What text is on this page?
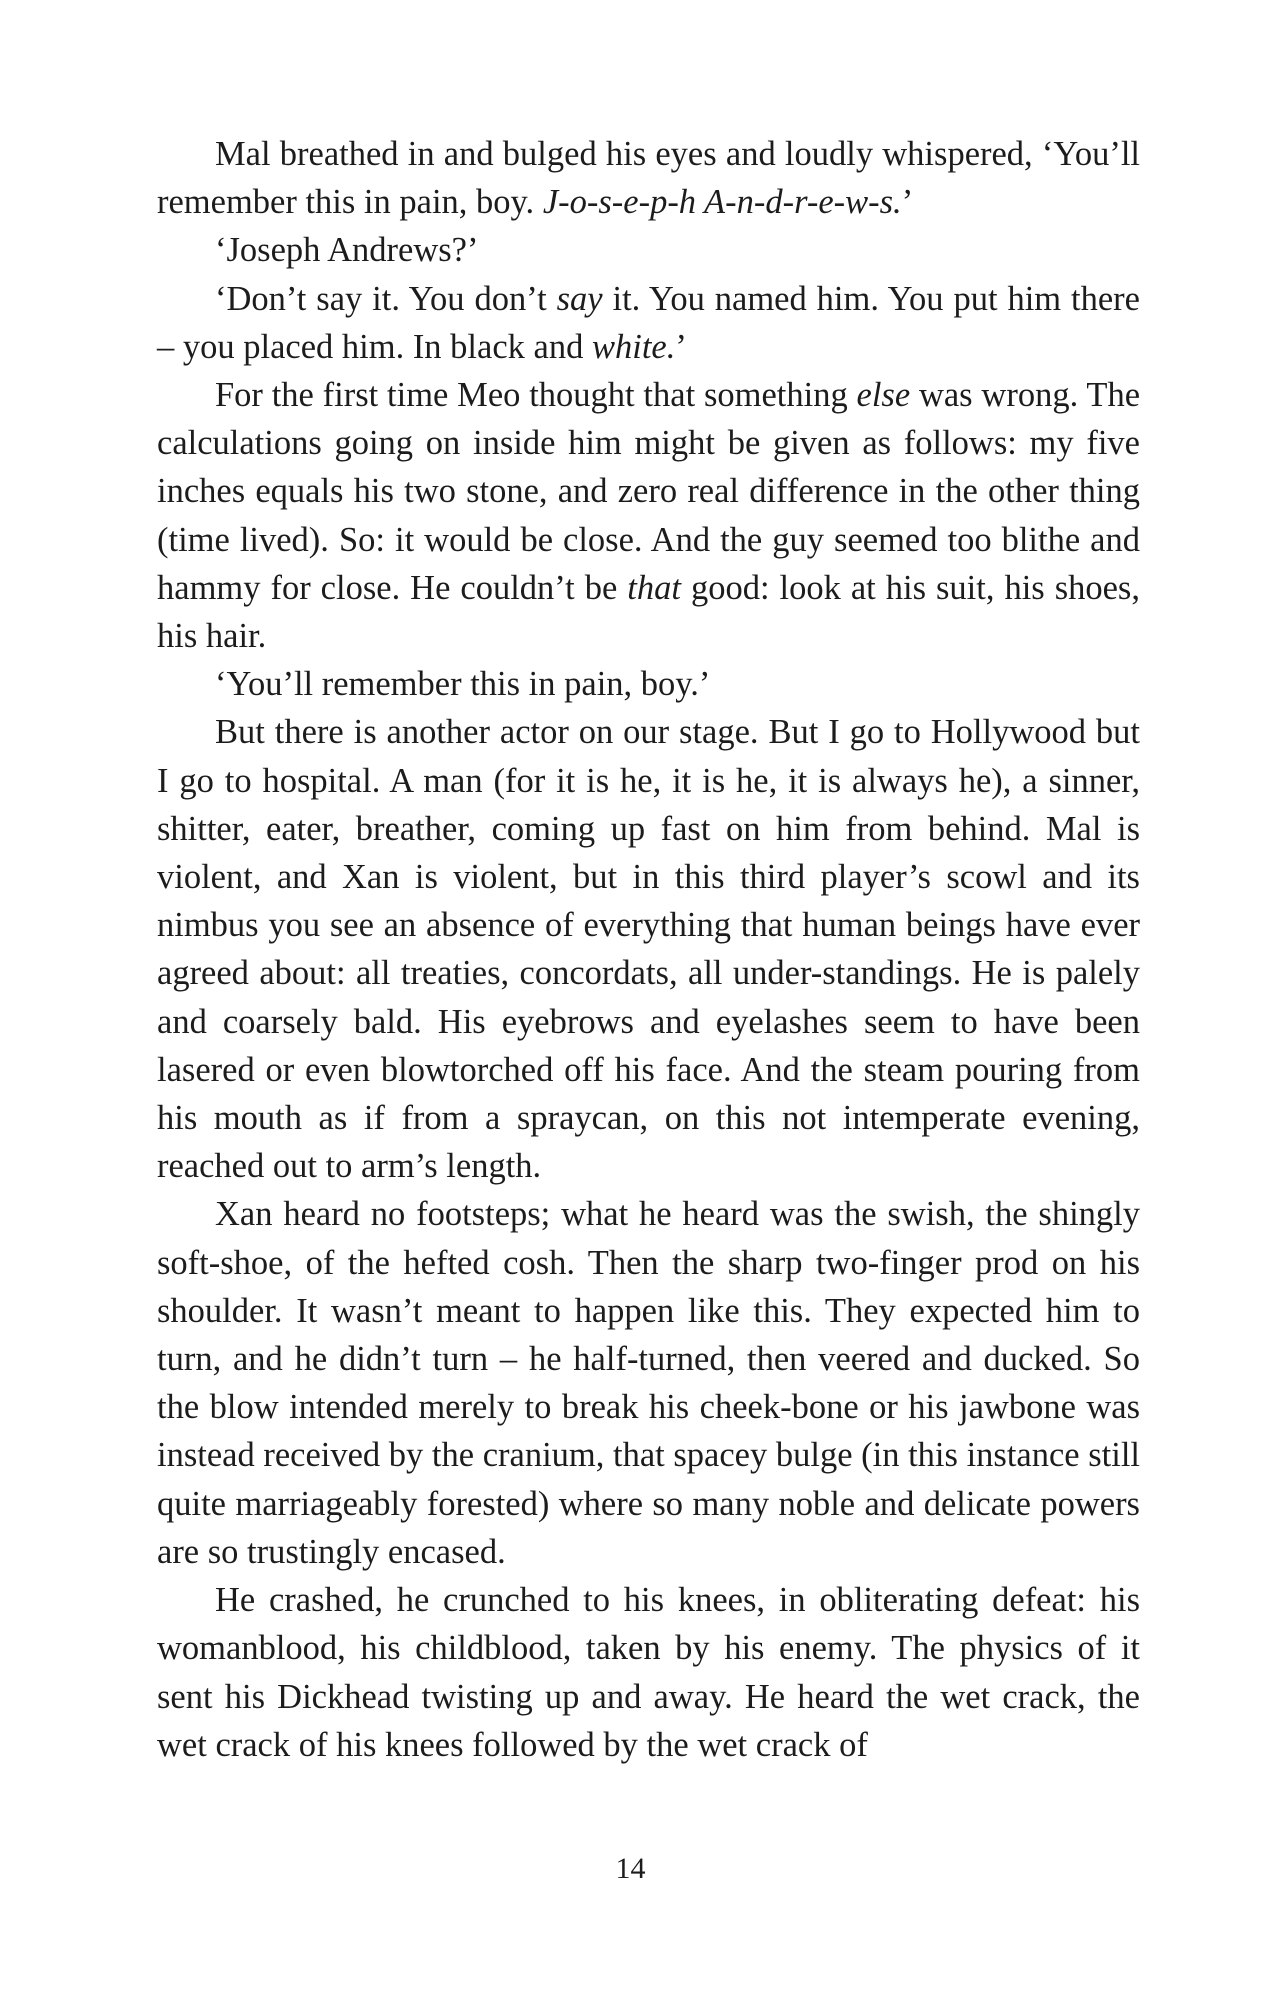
Mal breathed in and bulged his eyes and loudly whispered, ‘You’ll remember this in pain, boy. J-o-s-e-p-h A-n-d-r-e-w-s.’

‘Joseph Andrews?’

‘Don’t say it. You don’t say it. You named him. You put him there – you placed him. In black and white.’

For the first time Meo thought that something else was wrong. The calculations going on inside him might be given as follows: my five inches equals his two stone, and zero real difference in the other thing (time lived). So: it would be close. And the guy seemed too blithe and hammy for close. He couldn’t be that good: look at his suit, his shoes, his hair.

‘You’ll remember this in pain, boy.’

But there is another actor on our stage. But I go to Hollywood but I go to hospital. A man (for it is he, it is he, it is always he), a sinner, shitter, eater, breather, coming up fast on him from behind. Mal is violent, and Xan is violent, but in this third player’s scowl and its nimbus you see an absence of everything that human beings have ever agreed about: all treaties, concordats, all under-standings. He is palely and coarsely bald. His eyebrows and eyelashes seem to have been lasered or even blowtorched off his face. And the steam pouring from his mouth as if from a spraycan, on this not intemperate evening, reached out to arm’s length.

Xan heard no footsteps; what he heard was the swish, the shingly soft-shoe, of the hefted cosh. Then the sharp two-finger prod on his shoulder. It wasn’t meant to happen like this. They expected him to turn, and he didn’t turn – he half-turned, then veered and ducked. So the blow intended merely to break his cheek-bone or his jawbone was instead received by the cranium, that spacey bulge (in this instance still quite marriageably forested) where so many noble and delicate powers are so trustingly encased.

He crashed, he crunched to his knees, in obliterating defeat: his womanblood, his childblood, taken by his enemy. The physics of it sent his Dickhead twisting up and away. He heard the wet crack, the wet crack of his knees followed by the wet crack of

14
